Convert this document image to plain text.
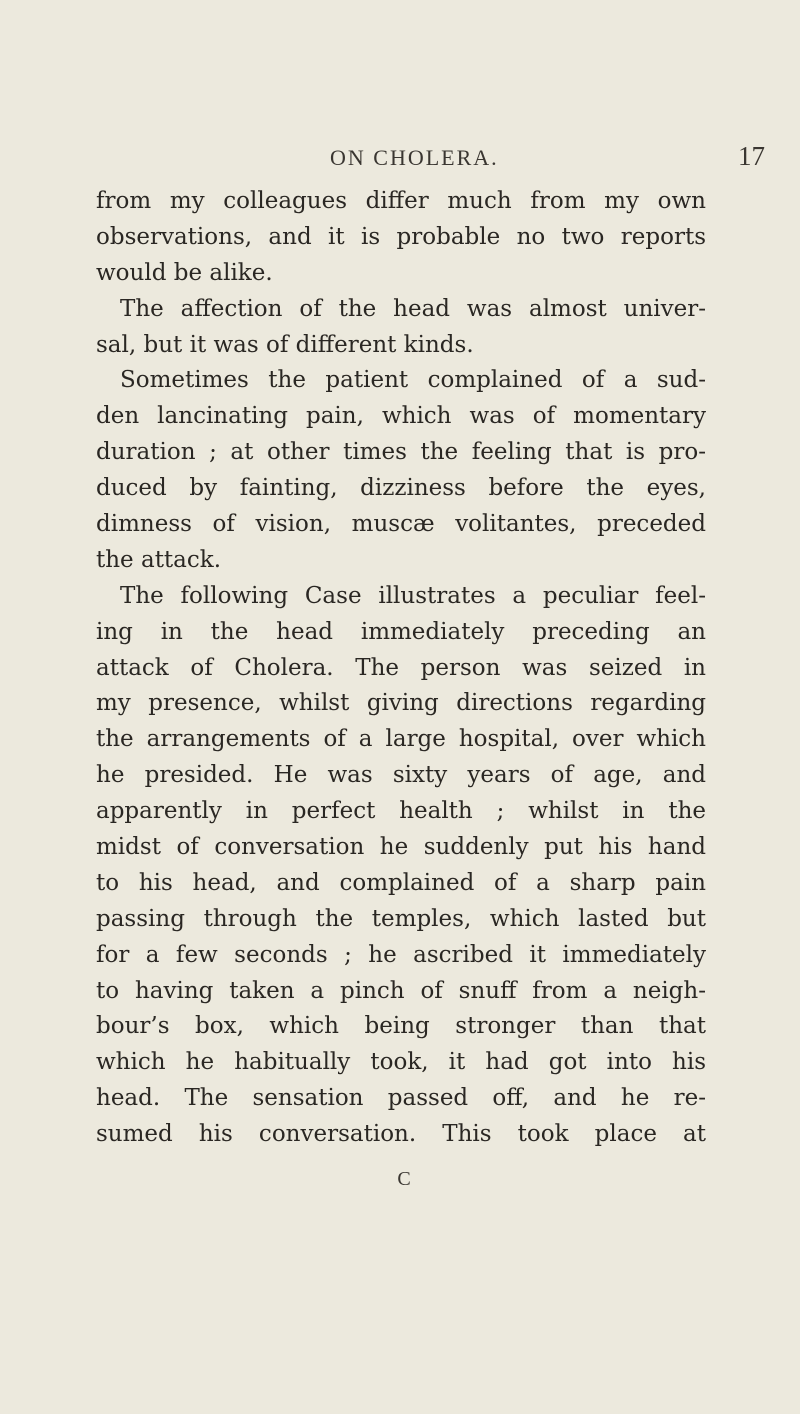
ON CHOLERA.	17
from my colleagues differ much from my own
observations, and it is probable no two reports
would be alike.
The affection of the head was almost univer-
sal, but it was of different kinds.
Sometimes the patient complained of a sud-
den lancinating pain, which was of momentary
duration ; at other times the feeling that is pro-
duced by fainting, dizziness before the eyes,
dimness of vision, muscæ volitantes, preceded
the attack.
The following Case illustrates a peculiar feel-
ing in the head immediately preceding an
attack of Cholera. The person was seized in
my presence, whilst giving directions regarding
the arrangements of a large hospital, over which
he presided. He was sixty years of age, and
apparently in perfect health ; whilst in the
midst of conversation he suddenly put his hand
to his head, and complained of a sharp pain
passing through the temples, which lasted but
for a few seconds ; he ascribed it immediately
to having taken a pinch of snuff from a neigh-
bour’s box, which being stronger than that
which he habitually took, it had got into his
head. The sensation passed off, and he re-
sumed his conversation. This took place at
C
